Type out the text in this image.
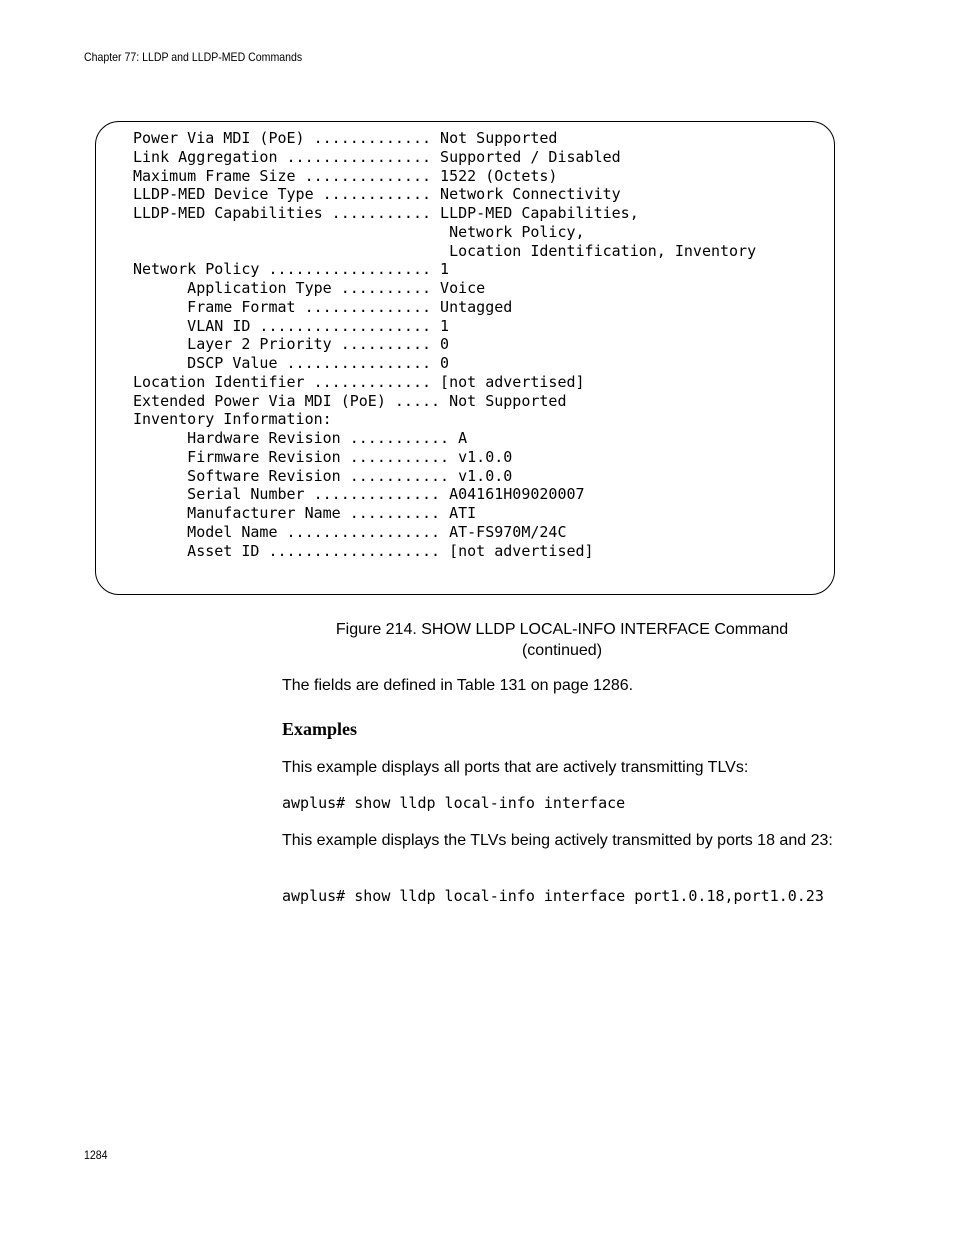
Chapter 77: LLDP and LLDP-MED Commands
Power Via MDI (PoE) ............. Not Supported
Link Aggregation ................ Supported / Disabled
Maximum Frame Size .............. 1522 (Octets)
LLDP-MED Device Type ............ Network Connectivity
LLDP-MED Capabilities ........... LLDP-MED Capabilities,
Network Policy,
Location Identification, Inventory
Network Policy .................. 1
Application Type .......... Voice
Frame Format .............. Untagged
VLAN ID ................... 1
Layer 2 Priority .......... 0
DSCP Value ................ 0
Location Identifier ............. [not advertised]
Extended Power Via MDI (PoE) ..... Not Supported
Inventory Information:
Hardware Revision ........... A
Firmware Revision ........... v1.0.0
Software Revision ........... v1.0.0
Serial Number .............. A04161H09020007
Manufacturer Name .......... ATI
Model Name ................. AT-FS970M/24C
Asset ID ................... [not advertised]
Figure 214. SHOW LLDP LOCAL-INFO INTERFACE Command
(continued)
The fields are defined in Table 131 on page 1286.
Examples
This example displays all ports that are actively transmitting TLVs:
awplus# show lldp local-info interface
This example displays the TLVs being actively transmitted by ports 18 and 23:
awplus# show lldp local-info interface port1.0.18,port1.0.23
1284
